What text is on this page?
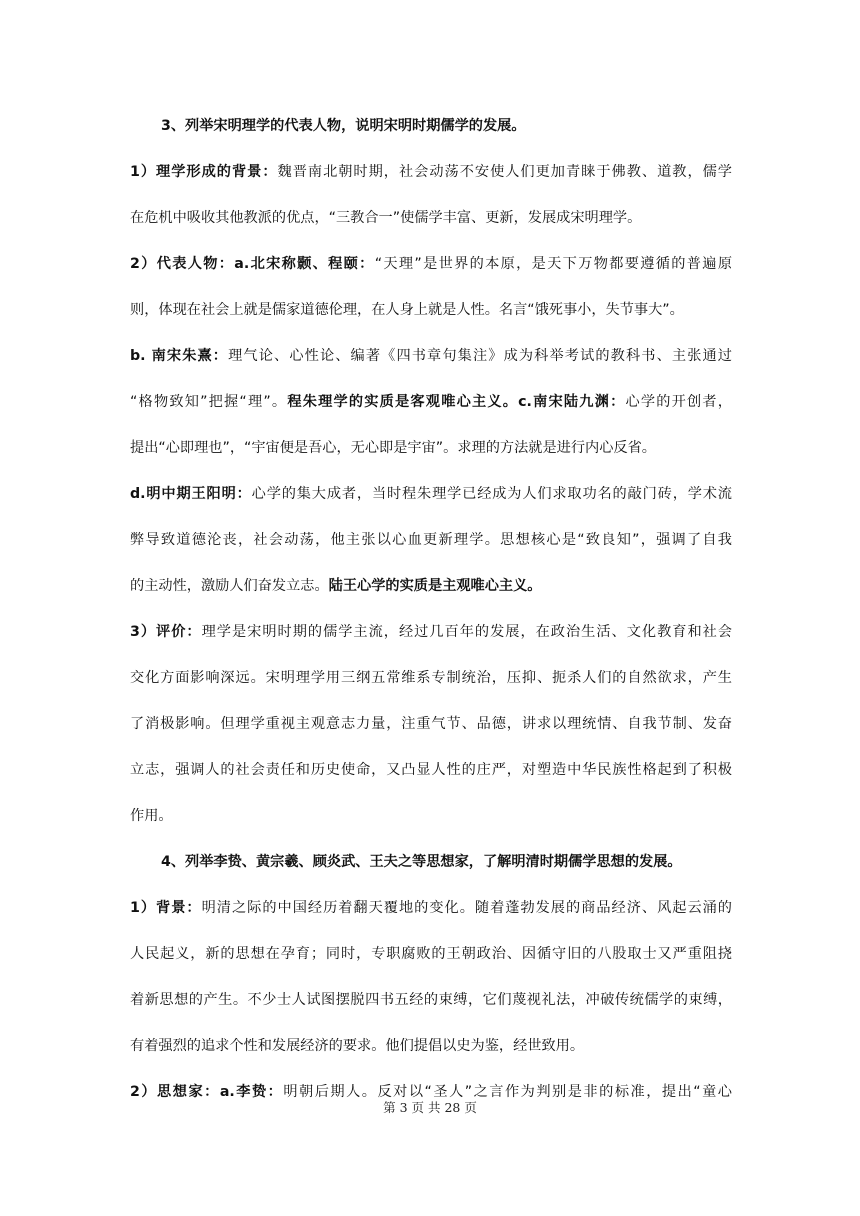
3、列举宋明理学的代表人物，说明宋明时期儒学的发展。
1）理学形成的背景：魏晋南北朝时期，社会动荡不安使人们更加青睐于佛教、道教，儒学
在危机中吸收其他教派的优点，“三教合一”使儒学丰富、更新，发展成宋明理学。
2）代表人物：a.北宋称颢、程颐：“天理”是世界的本原，是天下万物都要遵循的普遍原
则，体现在社会上就是儒家道德伦理，在人身上就是人性。名言“饿死事小，失节事大”。
b. 南宋朱熹：理气论、心性论、编著《四书章句集注》成为科举考试的教科书、主张通过
“格物致知”把握“理”。程朱理学的实质是客观唯心主义。c.南宋陆九渊：心学的开创者，
提出“心即理也”，“宇宙便是吾心，无心即是宇宙”。求理的方法就是进行内心反省。
d.明中期王阳明：心学的集大成者，当时程朱理学已经成为人们求取功名的敲门砖，学术流
弊导致道德沦丧，社会动荡，他主张以心血更新理学。思想核心是“致良知”，强调了自我
的主动性，激励人们奋发立志。陆王心学的实质是主观唯心主义。
3）评价：理学是宋明时期的儒学主流，经过几百年的发展，在政治生活、文化教育和社会
交化方面影响深远。宋明理学用三纲五常维系专制统治，压抑、扼杀人们的自然欲求，产生
了消极影响。但理学重视主观意志力量，注重气节、品德，讲求以理统情、自我节制、发奋
立志，强调人的社会责任和历史使命，又凸显人性的庄严，对塑造中华民族性格起到了积极
作用。
4、列举李贽、黄宗羲、顾炎武、王夫之等思想家，了解明清时期儒学思想的发展。
1）背景：明清之际的中国经历着翻天覆地的变化。随着蓬勃发展的商品经济、风起云涌的
人民起义，新的思想在孕育；同时，专职腐败的王朝政治、因循守旧的八股取士又严重阻挠
着新思想的产生。不少士人试图摆脱四书五经的束缚，它们蔑视礼法，冲破传统儒学的束缚，
有着强烈的追求个性和发展经济的要求。他们提倡以史为鉴，经世致用。
2）思想家：a.李贽：明朝后期人。反对以“圣人”之言作为判别是非的标准，提出“童心
第 3 页 共 28 页
